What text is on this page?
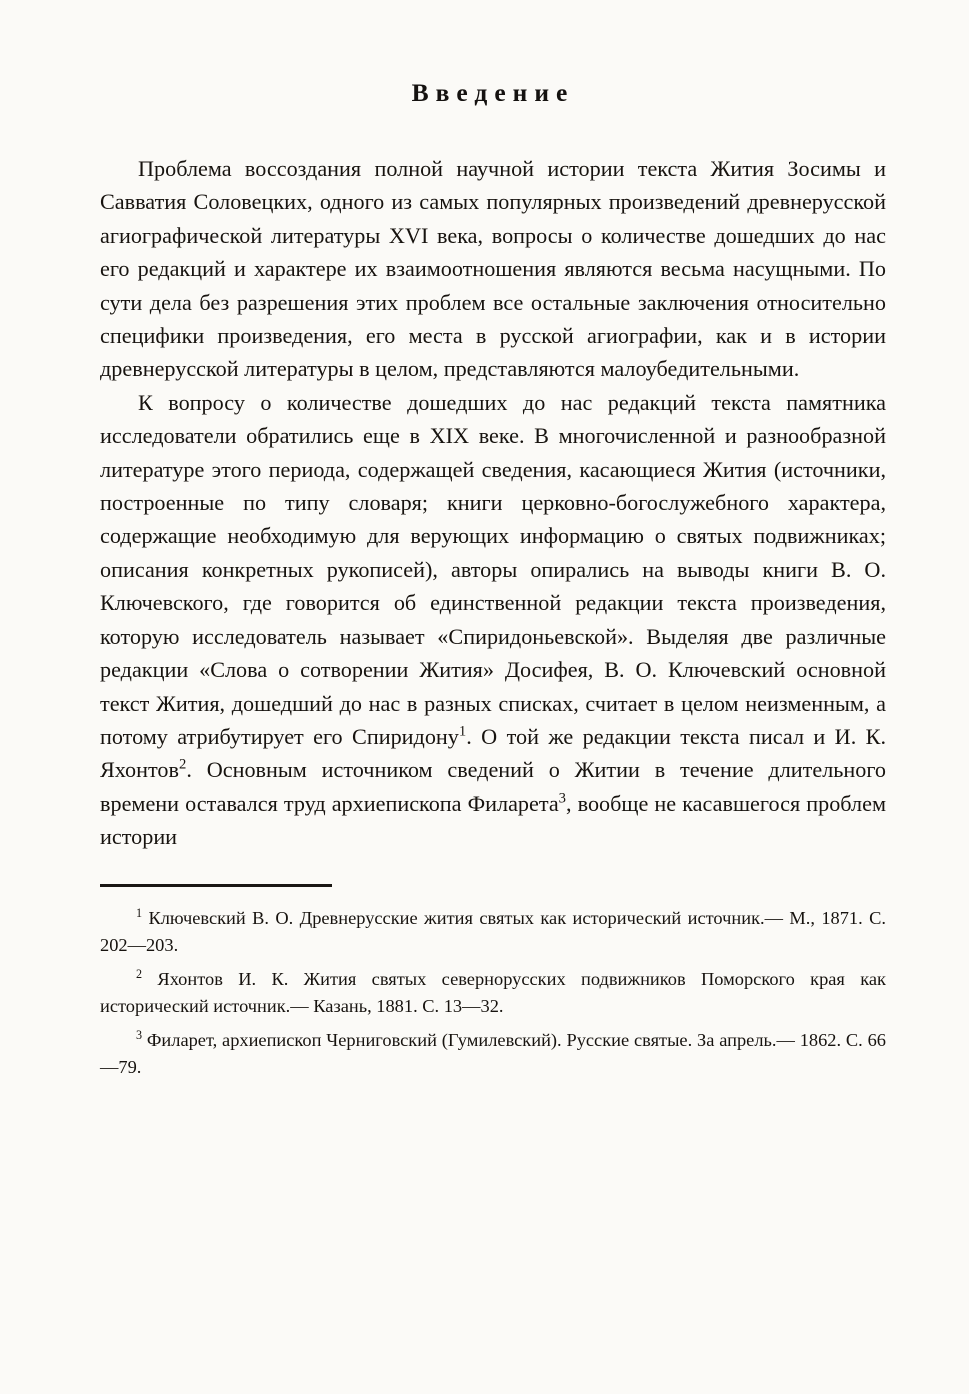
Введение

Проблема воссоздания полной научной истории текста Жития Зосимы и Савватия Соловецких, одного из самых популярных произведений древнерусской агиографической литературы XVI века, вопросы о количестве дошедших до нас его редакций и характере их взаимоотношения являются весьма насущными. По сути дела без разрешения этих проблем все остальные заключения относительно специфики произведения, его места в русской агиографии, как и в истории древнерусской литературы в целом, представляются малоубедительными.

К вопросу о количестве дошедших до нас редакций текста памятника исследователи обратились еще в XIX веке. В многочисленной и разнообразной литературе этого периода, содержащей сведения, касающиеся Жития (источники, построенные по типу словаря; книги церковно-богослужебного характера, содержащие необходимую для верующих информацию о святых подвижниках; описания конкретных рукописей), авторы опирались на выводы книги В. О. Ключевского, где говорится об единственной редакции текста произведения, которую исследователь называет «Спиридоньевской». Выделяя две различные редакции «Слова о сотворении Жития» Досифея, В. О. Ключевский основной текст Жития, дошедший до нас в разных списках, считает в целом неизменным, а потому атрибутирует его Спиридону$^1$. О той же редакции текста писал и И. К. Яхонтов$^2$. Основным источником сведений о Житии в течение длительного времени оставался труд архиепископа Филарета$^3$, вообще не касавшегося проблем истории

$^1$ Ключевский В. О. Древнерусские жития святых как исторический источник.— М., 1871. С. 202—203.

$^2$ Яхонтов И. К. Жития святых севернорусских подвижников Поморского края как исторический источник.— Казань, 1881. С. 13—32.

$^3$ Филарет, архиепископ Черниговский (Гумилевский). Русские святые. За апрель.— 1862. С. 66—79.
